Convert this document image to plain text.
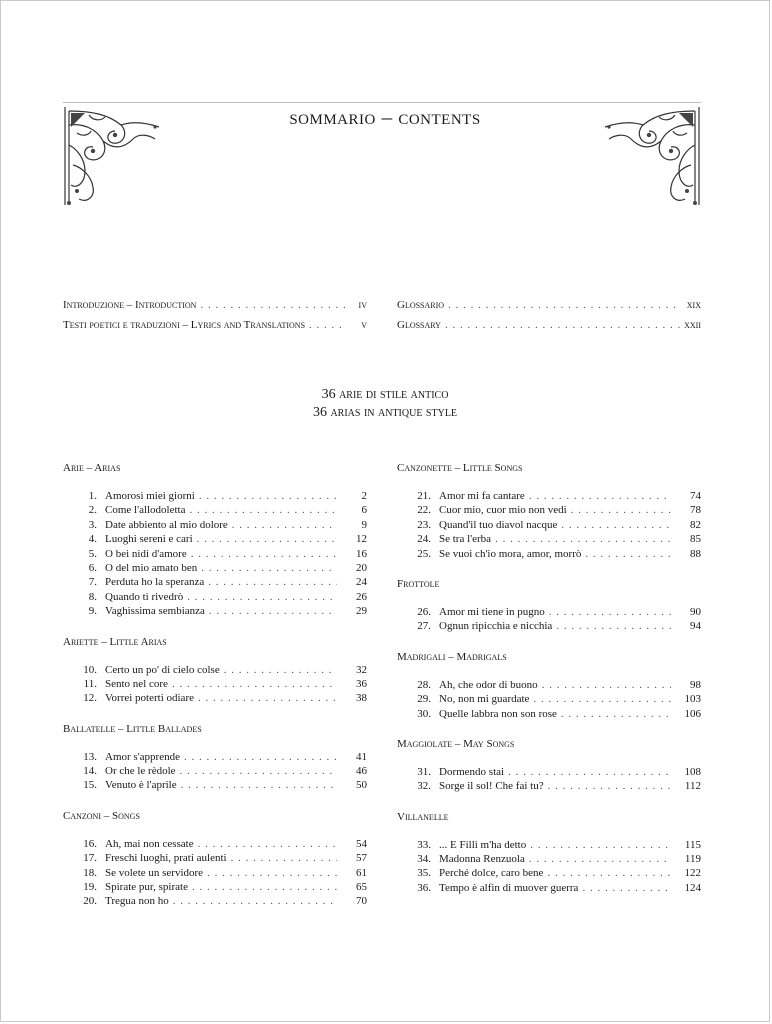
sommario – contents
Introduzione – Introduction . . .	iv
Testi poetici e traduzioni – Lyrics and Translations . . .	v
Glossario . . .	xix
Glossary . . .	xxii
36 arie di stile antico
36 arias in antique style
Arie – Arias
1. Amorosi miei giorni . . .	2
2. Come l'allodoletta . . .	6
3. Date abbiento al mio dolore . . .	9
4. Luoghi sereni e cari . . .	12
5. O bei nidi d'amore . . .	16
6. O del mio amato ben . . .	20
7. Perduta ho la speranza . . .	24
8. Quando ti rivedrò . . .	26
9. Vaghissima sembianza . . .	29
Ariette – Little Arias
10. Certo un po' di cielo colse . . .	32
11. Sento nel core . . .	36
12. Vorrei poterti odiare . . .	38
Ballatelle – Little Ballades
13. Amor s'apprende . . .	41
14. Or che le rèdole . . .	46
15. Venuto è l'aprile . . .	50
Canzoni – Songs
16. Ah, mai non cessate . . .	54
17. Freschi luoghi, prati aulenti . . .	57
18. Se volete un servidore . . .	61
19. Spirate pur, spirate . . .	65
20. Tregua non ho . . .	70
Canzonette – Little Songs
21. Amor mi fa cantare . . .	74
22. Cuor mio, cuor mio non vedi . . .	78
23. Quand'il tuo diavol nacque . . .	82
24. Se tra l'erba . . .	85
25. Se vuoi ch'io mora, amor, morrò . . .	88
Frottole
26. Amor mi tiene in pugno . . .	90
27. Ognun ripicchia e nicchia . . .	94
Madrigali – Madrigals
28. Ah, che odor di buono . . .	98
29. No, non mi guardate . . .	103
30. Quelle labbra non son rose . . .	106
Maggiolate – May Songs
31. Dormendo stai . . .	108
32. Sorge il sol! Che fai tu? . . .	112
Villanelle
33. ... E Filli m'ha detto . . .	115
34. Madonna Renzuola . . .	119
35. Perché dolce, caro bene . . .	122
36. Tempo è alfin di muover guerra . . .	124
